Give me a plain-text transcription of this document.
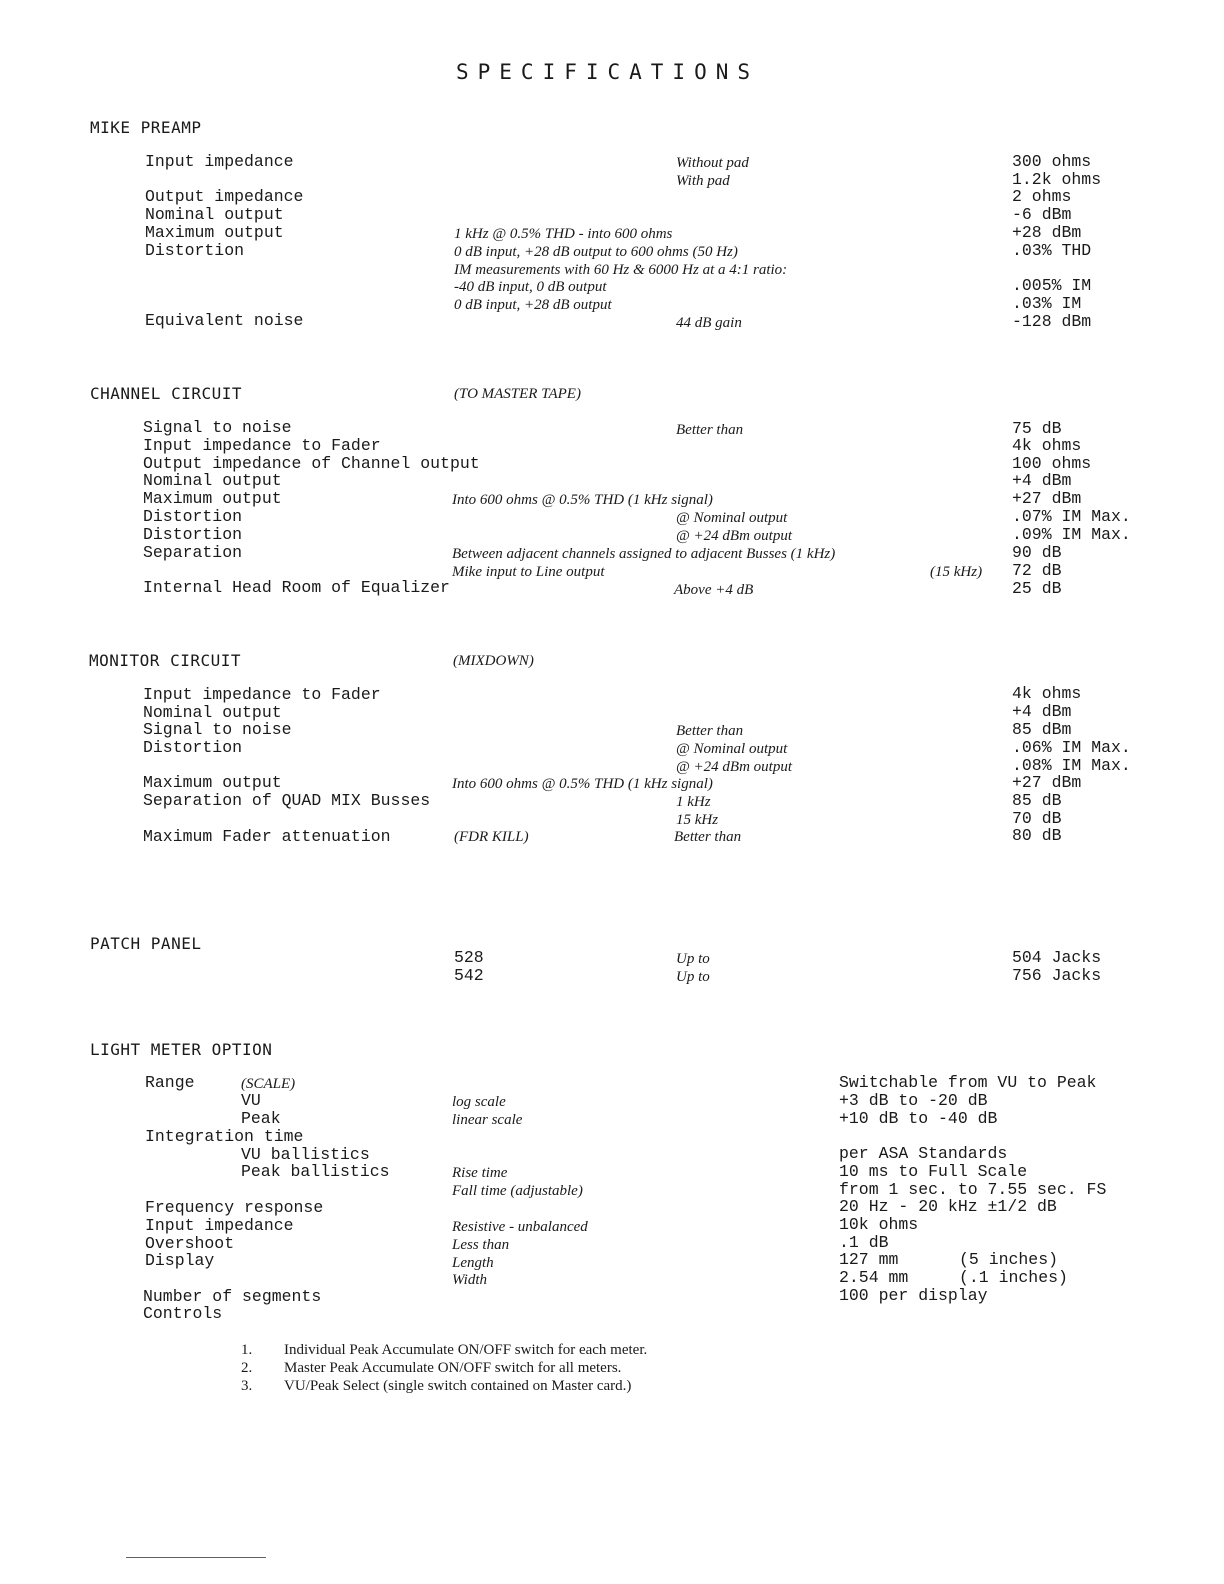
SPECIFICATIONS
MIKE PREAMP
Input impedance	Without pad	300 ohms
With pad	1.2k ohms
Output impedance	2 ohms
Nominal output	-6 dBm
Maximum output	1 kHz @ 0.5% THD - into 600 ohms	+28 dBm
Distortion	0 dB input, +28 dB output to 600 ohms (50 Hz)	.03% THD
IM measurements with 60 Hz & 6000 Hz at a 4:1 ratio:
-40 dB input, 0 dB output	.005% IM
0 dB input, +28 dB output	.03% IM
Equivalent noise	44 dB gain	-128 dBm
CHANNEL CIRCUIT	(TO MASTER TAPE)
Signal to noise	Better than	75 dB
Input impedance to Fader	4k ohms
Output impedance of Channel output	100 ohms
Nominal output	+4 dBm
Maximum output	Into 600 ohms @ 0.5% THD (1 kHz signal)	+27 dBm
Distortion	@ Nominal output	.07% IM Max.
Distortion	@ +24 dBm output	.09% IM Max.
Separation	Between adjacent channels assigned to adjacent Busses (1 kHz)	90 dB
Mike input to Line output	(15 kHz) 72 dB
Internal Head Room of Equalizer	Above +4 dB	25 dB
MONITOR CIRCUIT	(MIXDOWN)
Input impedance to Fader	4k ohms
Nominal output	+4 dBm
Signal to noise	Better than	85 dBm
Distortion	@ Nominal output	.06% IM Max.
@ +24 dBm output	.08% IM Max.
Maximum output	Into 600 ohms @ 0.5% THD (1 kHz signal)	+27 dBm
Separation of QUAD MIX Busses	1 kHz	85 dB
15 kHz	70 dB
Maximum Fader attenuation	(FDR KILL)	Better than	80 dB
PATCH PANEL
528	Up to	504 Jacks
542	Up to	756 Jacks
LIGHT METER OPTION
Range	(SCALE)	Switchable from VU to Peak
VU	log scale	+3 dB to -20 dB
Peak	linear scale	+10 dB to -40 dB
Integration time
VU ballistics	per ASA Standards
Peak ballistics	Rise time	10 ms to Full Scale
Fall time (adjustable)	from 1 sec. to 7.55 sec. FS
Frequency response	20 Hz - 20 kHz ±1/2 dB
Input impedance	Resistive - unbalanced	10k ohms
Overshoot	Less than	.1 dB
Display	Length	127 mm	(5 inches)
Width	2.54 mm	(.1 inches)
Number of segments	100 per display
Controls
1. Individual Peak Accumulate ON/OFF switch for each meter.
2. Master Peak Accumulate ON/OFF switch for all meters.
3. VU/Peak Select (single switch contained on Master card.)
